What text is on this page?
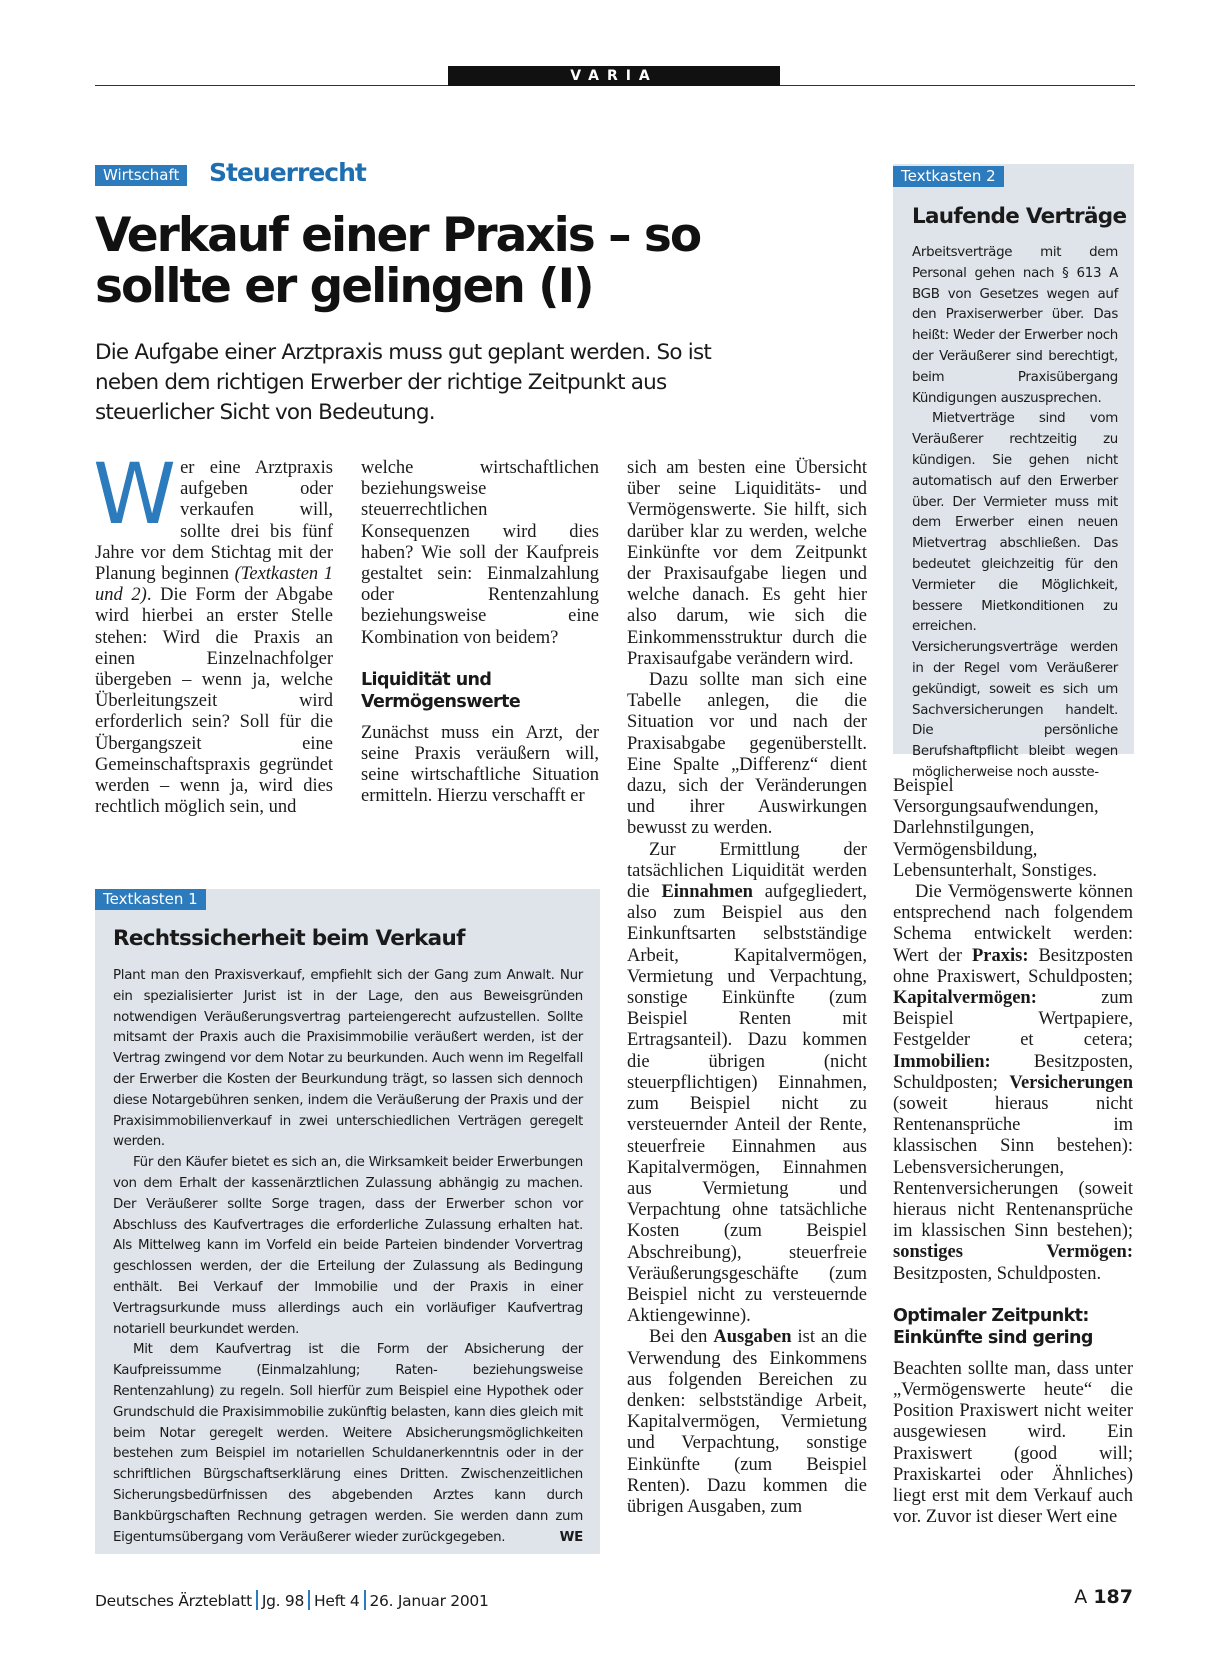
VARIA
Wirtschaft	Steuerrecht
Verkauf einer Praxis – so sollte er gelingen (I)
Die Aufgabe einer Arztpraxis muss gut geplant werden. So ist neben dem richtigen Erwerber der richtige Zeitpunkt aus steuerlicher Sicht von Bedeutung.

Wer eine Arztpraxis aufgeben oder verkaufen will, sollte drei bis fünf Jahre vor dem Stichtag mit der Planung beginnen (Textkasten 1 und 2). Die Form der Abgabe wird hierbei an erster Stelle stehen: Wird die Praxis an einen Einzelnachfolger übergeben – wenn ja, welche Überleitungszeit wird erforderlich sein? Soll für die Übergangszeit eine Gemeinschaftspraxis gegründet werden – wenn ja, wird dies rechtlich möglich sein, und

welche wirtschaftlichen beziehungsweise steuerrechtlichen Konsequenzen wird dies haben? Wie soll der Kaufpreis gestaltet sein: Einmalzahlung oder Rentenzahlung beziehungsweise eine Kombination von beidem?

Liquidität und Vermögenswerte

Zunächst muss ein Arzt, der seine Praxis veräußern will, seine wirtschaftliche Situation ermitteln. Hierzu verschafft er

sich am besten eine Übersicht über seine Liquiditäts- und Vermögenswerte. Sie hilft, sich darüber klar zu werden, welche Einkünfte vor dem Zeitpunkt der Praxisaufgabe liegen und welche danach. Es geht hier also darum, wie sich die Einkommensstruktur durch die Praxisaufgabe verändern wird.

Dazu sollte man sich eine Tabelle anlegen, die die Situation vor und nach der Praxisabgabe gegenüberstellt. Eine Spalte „Differenz“ dient dazu, sich der Veränderungen und ihrer Auswirkungen bewusst zu werden.

Zur Ermittlung der tatsächlichen Liquidität werden die Einnahmen aufgegliedert, also zum Beispiel aus den Einkunftsarten selbstständige Arbeit, Kapitalvermögen, Vermietung und Verpachtung, sonstige Einkünfte (zum Beispiel Renten mit Ertragsanteil). Dazu kommen die übrigen (nicht steuerpflichtigen) Einnahmen, zum Beispiel nicht zu versteuernder Anteil der Rente, steuerfreie Einnahmen aus Kapitalvermögen, Einnahmen aus Vermietung und Verpachtung ohne tatsächliche Kosten (zum Beispiel Abschreibung), steuerfreie Veräußerungsgeschäfte (zum Beispiel nicht zu versteuernde Aktiengewinne).

Bei den Ausgaben ist an die Verwendung des Einkommens aus folgenden Bereichen zu denken: selbstständige Arbeit, Kapitalvermögen, Vermietung und Verpachtung, sonstige Einkünfte (zum Beispiel Renten). Dazu kommen die übrigen Ausgaben, zum

Beispiel Versorgungsaufwendungen, Darlehnstilgungen, Vermögensbildung, Lebensunterhalt, Sonstiges.

Die Vermögenswerte können entsprechend nach folgendem Schema entwickelt werden: Wert der Praxis: Besitzposten ohne Praxiswert, Schuldposten; Kapitalvermögen: zum Beispiel Wertpapiere, Festgelder et cetera; Immobilien: Besitzposten, Schuldposten; Versicherungen (soweit hieraus nicht Rentenansprüche im klassischen Sinn bestehen): Lebensversicherungen, Rentenversicherungen (soweit hieraus nicht Rentenansprüche im klassischen Sinn bestehen); sonstiges Vermögen: Besitzposten, Schuldposten.

Optimaler Zeitpunkt: Einkünfte sind gering

Beachten sollte man, dass unter „Vermögenswerte heute“ die Position Praxiswert nicht weiter ausgewiesen wird. Ein Praxiswert (good will; Praxiskartei oder Ähnliches) liegt erst mit dem Verkauf auch vor. Zuvor ist dieser Wert eine

Textkasten 1
Rechtssicherheit beim Verkauf

Plant man den Praxisverkauf, empfiehlt sich der Gang zum Anwalt. Nur ein spezialisierter Jurist ist in der Lage, den aus Beweisgründen notwendigen Veräußerungsvertrag parteiengerecht aufzustellen. Sollte mitsamt der Praxis auch die Praxisimmobilie veräußert werden, ist der Vertrag zwingend vor dem Notar zu beurkunden. Auch wenn im Regelfall der Erwerber die Kosten der Beurkundung trägt, so lassen sich dennoch diese Notargebühren senken, indem die Veräußerung der Praxis und der Praxisimmobilienverkauf in zwei unterschiedlichen Verträgen geregelt werden.

Für den Käufer bietet es sich an, die Wirksamkeit beider Erwerbungen von dem Erhalt der kassenärztlichen Zulassung abhängig zu machen. Der Veräußerer sollte Sorge tragen, dass der Erwerber schon vor Abschluss des Kaufvertrages die erforderliche Zulassung erhalten hat. Als Mittelweg kann im Vorfeld ein beide Parteien bindender Vorvertrag geschlossen werden, der die Erteilung der Zulassung als Bedingung enthält. Bei Verkauf der Immobilie und der Praxis in einer Vertragsurkunde muss allerdings auch ein vorläufiger Kaufvertrag notariell beurkundet werden.

Mit dem Kaufvertrag ist die Form der Absicherung der Kaufpreissumme (Einmalzahlung; Raten- beziehungsweise Rentenzahlung) zu regeln. Soll hierfür zum Beispiel eine Hypothek oder Grundschuld die Praxisimmobilie zukünftig belasten, kann dies gleich mit beim Notar geregelt werden. Weitere Absicherungsmöglichkeiten bestehen zum Beispiel im notariellen Schuldanerkenntnis oder in der schriftlichen Bürgschaftserklärung eines Dritten. Zwischenzeitlichen Sicherungsbedürfnissen des abgebenden Arztes kann durch Bankbürgschaften Rechnung getragen werden. Sie werden dann zum Eigentumsübergang vom Veräußerer wieder zurückgegeben.	WE

Textkasten 2
Laufende Verträge

Arbeitsverträge mit dem Personal gehen nach § 613 A BGB von Gesetzes wegen auf den Praxiserwerber über. Das heißt: Weder der Erwerber noch der Veräußerer sind berechtigt, beim Praxisübergang Kündigungen auszusprechen.

Mietverträge sind vom Veräußerer rechtzeitig zu kündigen. Sie gehen nicht automatisch auf den Erwerber über. Der Vermieter muss mit dem Erwerber einen neuen Mietvertrag abschließen. Das bedeutet gleichzeitig für den Vermieter die Möglichkeit, bessere Mietkonditionen zu erreichen.

Versicherungsverträge werden in der Regel vom Veräußerer gekündigt, soweit es sich um Sachversicherungen handelt. Die persönliche Berufshaftpflicht bleibt wegen möglicherweise noch ausste-

Deutsches Ärzteblatt Jg. 98 Heft 4 26. Januar 2001	A 187
